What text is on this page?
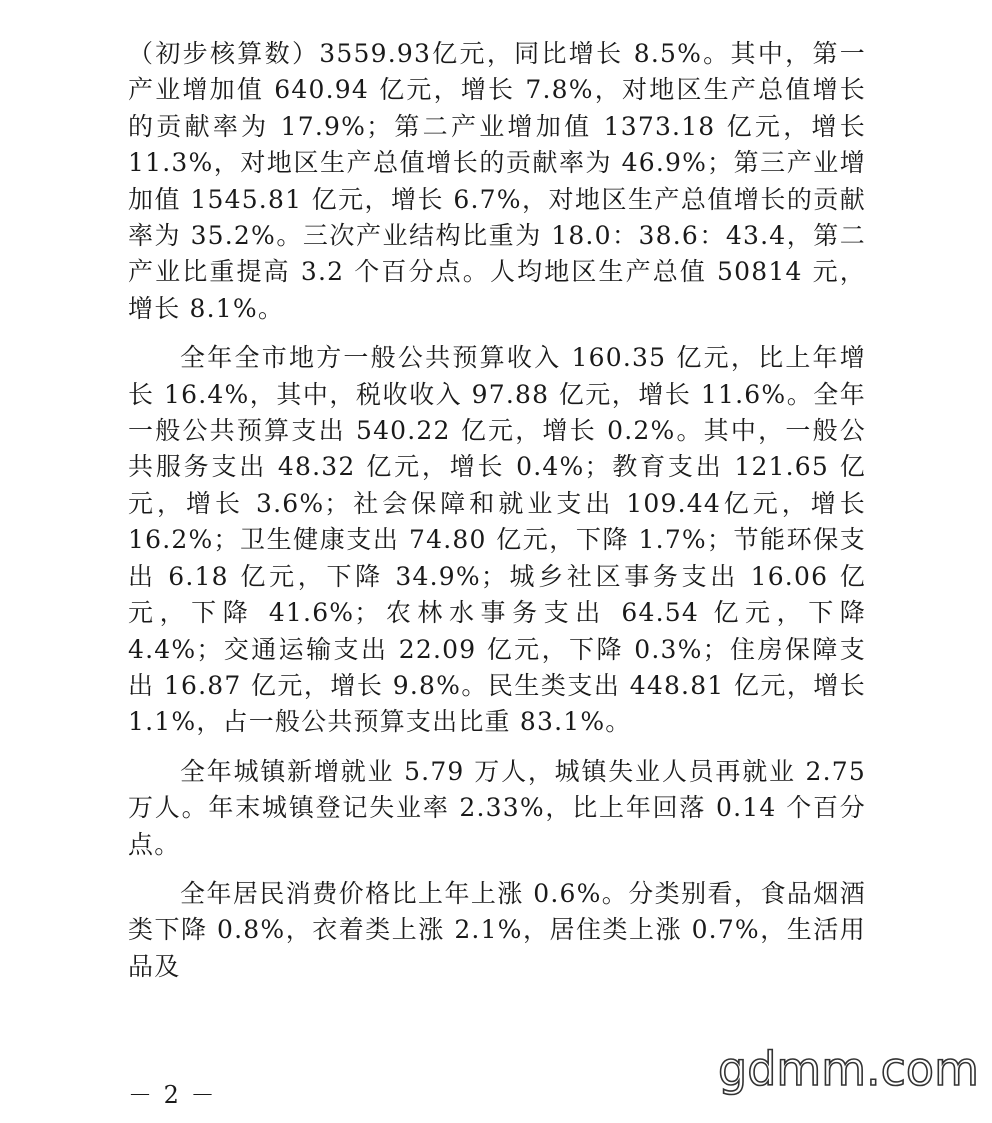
（初步核算数）3559.93亿元，同比增长 8.5%。其中，第一产业增加值 640.94 亿元，增长 7.8%，对地区生产总值增长的贡献率为 17.9%；第二产业增加值 1373.18 亿元，增长 11.3%，对地区生产总值增长的贡献率为 46.9%；第三产业增加值 1545.81 亿元，增长 6.7%，对地区生产总值增长的贡献率为 35.2%。三次产业结构比重为 18.0：38.6：43.4，第二产业比重提高 3.2 个百分点。人均地区生产总值 50814 元，增长 8.1%。

全年全市地方一般公共预算收入 160.35 亿元，比上年增长 16.4%，其中，税收收入 97.88 亿元，增长 11.6%。全年一般公共预算支出 540.22 亿元，增长 0.2%。其中，一般公共服务支出 48.32 亿元，增长 0.4%；教育支出 121.65 亿元，增长 3.6%；社会保障和就业支出 109.44亿元，增长 16.2%；卫生健康支出 74.80 亿元，下降 1.7%；节能环保支出 6.18 亿元，下降 34.9%；城乡社区事务支出 16.06 亿元，下降 41.6%；农林水事务支出 64.54 亿元，下降 4.4%；交通运输支出 22.09 亿元，下降 0.3%；住房保障支出 16.87 亿元，增长 9.8%。民生类支出 448.81 亿元，增长 1.1%，占一般公共预算支出比重 83.1%。

全年城镇新增就业 5.79 万人，城镇失业人员再就业 2.75 万人。年末城镇登记失业率 2.33%，比上年回落 0.14 个百分点。

全年居民消费价格比上年上涨 0.6%。分类别看，食品烟酒类下降 0.8%，衣着类上涨 2.1%，居住类上涨 0.7%，生活用品及

－ 2 －	gdmm.com
